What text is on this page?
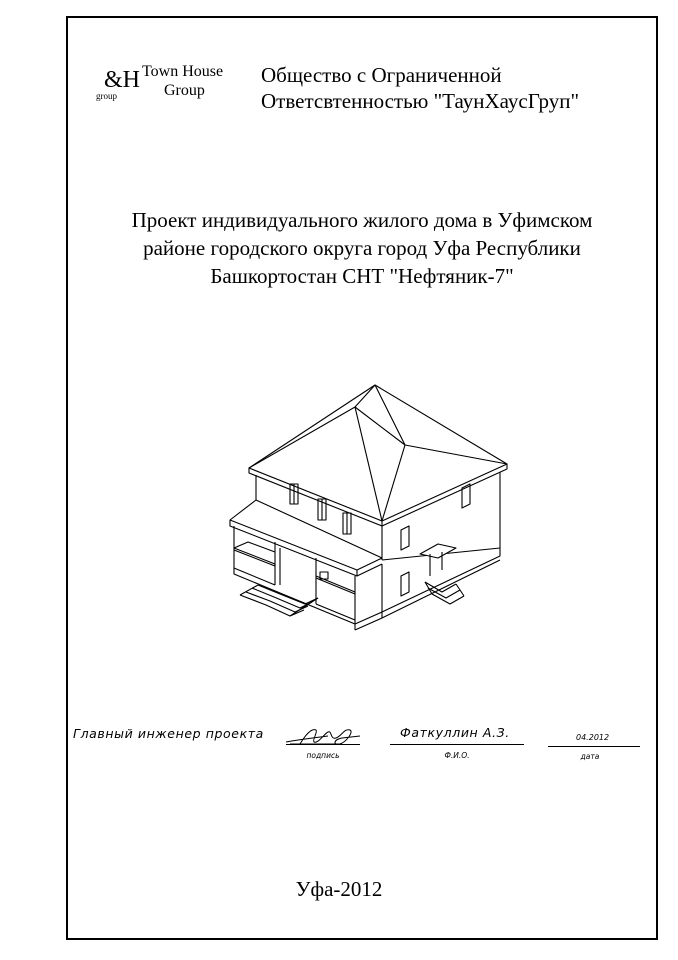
&H
group
Town House
Group
Общество с Ограниченной
Ответсвтенностью "ТаунХаусГруп"
Проект индивидуального жилого дома в Уфимском
районе городского округа город Уфа Республики
Башкортостан СНТ "Нефтяник-7"
Главный инженер проекта
подпись
Фаткуллин А.З.
Ф.И.О.
04.2012
дата
Уфа-2012
